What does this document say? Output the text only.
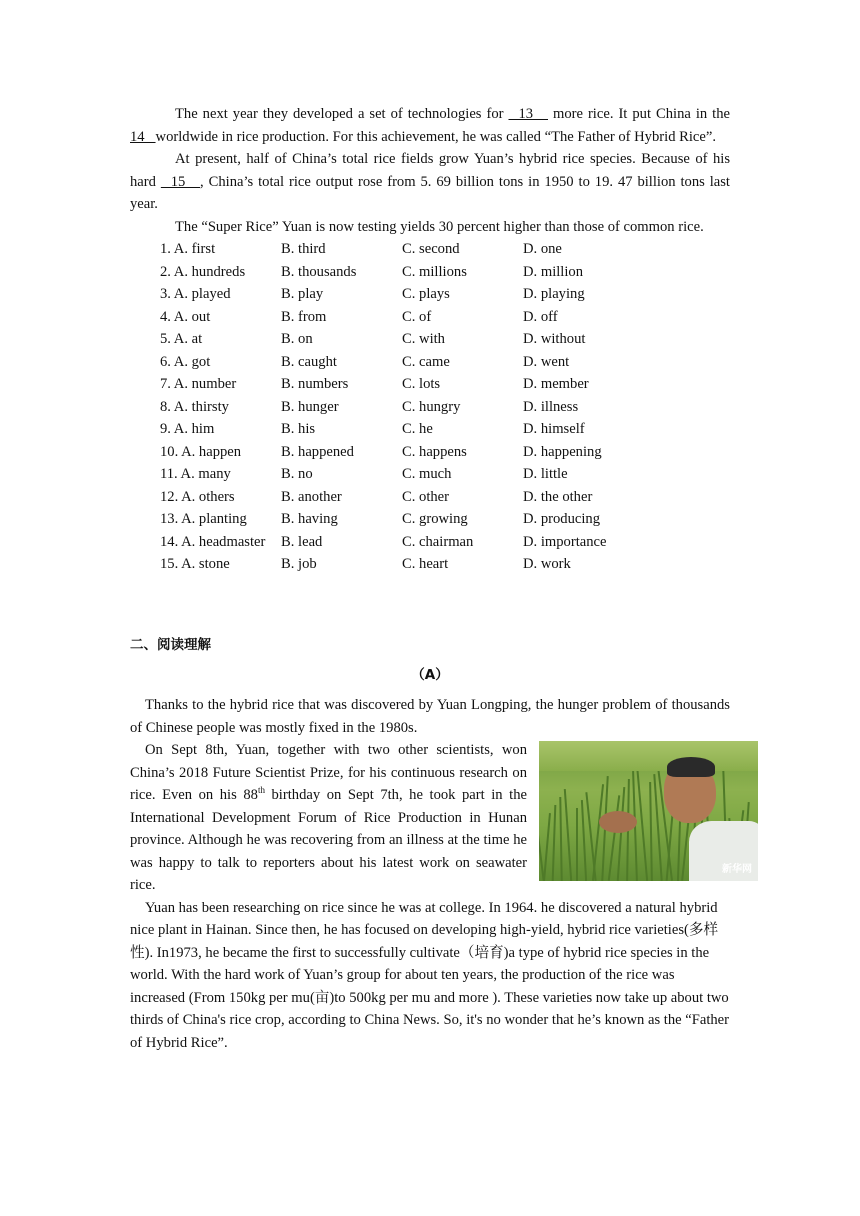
The next year they developed a set of technologies for   13    more rice. It put China in the 14   worldwide in rice production. For this achievement, he was called “The Father of Hybrid Rice”.

At present, half of China’s total rice fields grow Yuan’s hybrid rice species. Because of his hard   15   , China’s total rice output rose from 5. 69 billion tons in 1950 to 19. 47 billion tons last year.

The “Super Rice” Yuan is now testing yields 30 percent higher than those of common rice.

1. A. first	B. third	C. second	D. one
2. A. hundreds	B. thousands	C. millions	D. million
3. A. played	B. play	C. plays	D. playing
4. A. out	B. from	C. of	D. off
5. A. at	B. on	C. with	D. without
6. A. got	B. caught	C. came	D. went
7. A. number	B. numbers	C. lots	D. member
8. A. thirsty	B. hunger	C. hungry	D. illness
9. A. him	B. his	C. he	D. himself
10. A. happen	B. happened	C. happens	D. happening
11. A. many	B. no	C. much	D. little
12. A. others	B. another	C. other	D. the other
13. A. planting	B. having	C. growing	D. producing
14. A. headmaster	B. lead	C. chairman	D. importance
15. A. stone	B. job	C. heart	D. work
二、阅读理解
（A）

Thanks to the hybrid rice that was discovered by Yuan Longping, the hunger problem of thousands of Chinese people was mostly fixed in the 1980s.

新华网

On Sept 8th, Yuan, together with two other scientists, won China’s 2018 Future Scientist Prize, for his continuous research on rice. Even on his 88th birthday on Sept 7th, he took part in the International Development Forum of Rice Production in Hunan province. Although he was recovering from an illness at the time he was happy to talk to reporters about his latest work on seawater rice.

Yuan has been researching on rice since he was at college. In 1964. he discovered a natural hybrid nice plant in Hainan. Since then, he has focused on developing high-yield, hybrid rice varieties(多样性). In1973, he became the first to successfully cultivate（培育)a type of hybrid rice species in the world. With the hard work of Yuan’s group for about ten years, the production of the rice was increased (From 150kg per mu(亩)to 500kg per mu and more ). These varieties now take up about two thirds of China's rice crop, according to China News. So, it's no wonder that he’s known as the “Father of Hybrid Rice”.
